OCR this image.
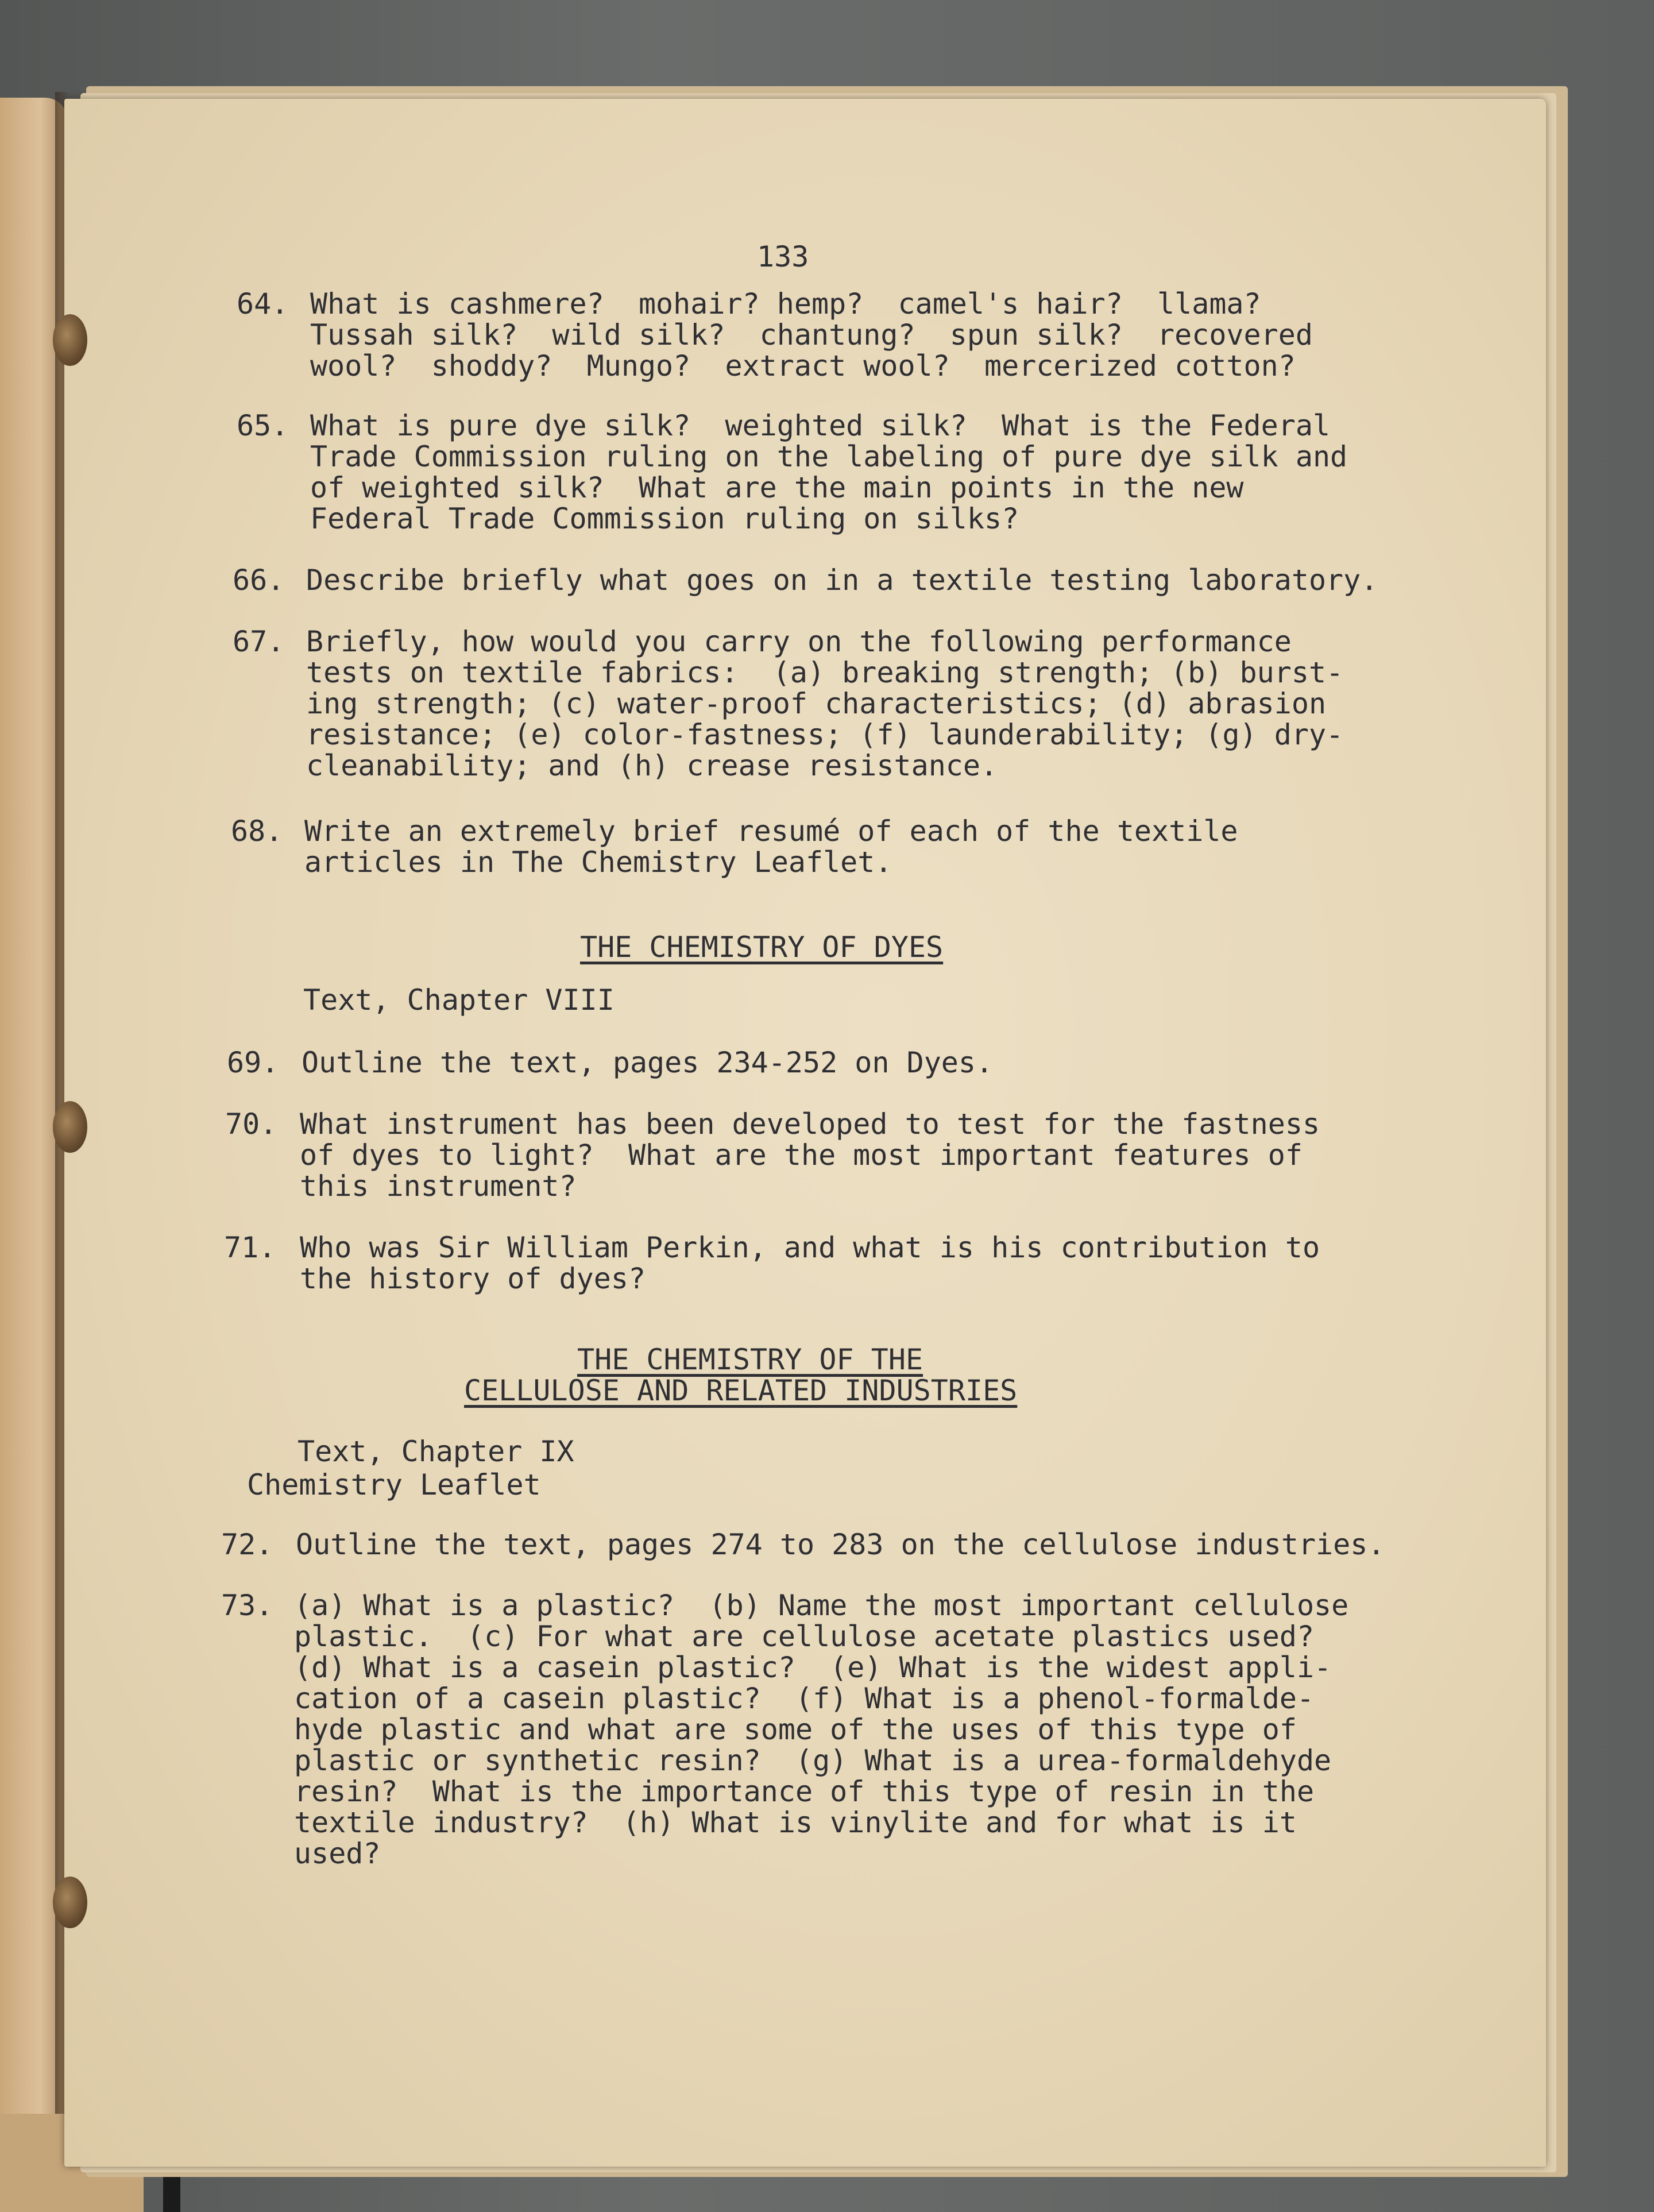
133
64. What is cashmere?  mohair? hemp?  camel's hair?  llama?
Tussah silk?  wild silk?  chantung?  spun silk?  recovered
wool?  shoddy?  Mungo?  extract wool?  mercerized cotton?
65. What is pure dye silk?  weighted silk?  What is the Federal
Trade Commission ruling on the labeling of pure dye silk and
of weighted silk?  What are the main points in the new
Federal Trade Commission ruling on silks?
66. Describe briefly what goes on in a textile testing laboratory.
67. Briefly, how would you carry on the following performance
tests on textile fabrics:  (a) breaking strength; (b) burst-
ing strength; (c) water-proof characteristics; (d) abrasion
resistance; (e) color-fastness; (f) launderability; (g) dry-
cleanability; and (h) crease resistance.
68. Write an extremely brief resumé of each of the textile
articles in The Chemistry Leaflet.
THE CHEMISTRY OF DYES
Text, Chapter VIII
69. Outline the text, pages 234-252 on Dyes.
70. What instrument has been developed to test for the fastness
of dyes to light?  What are the most important features of
this instrument?
71. Who was Sir William Perkin, and what is his contribution to
the history of dyes?
THE CHEMISTRY OF THE
CELLULOSE AND RELATED INDUSTRIES
Text, Chapter IX
Chemistry Leaflet
72. Outline the text, pages 274 to 283 on the cellulose industries.
73. (a) What is a plastic?  (b) Name the most important cellulose
plastic.  (c) For what are cellulose acetate plastics used?
(d) What is a casein plastic?  (e) What is the widest appli-
cation of a casein plastic?  (f) What is a phenol-formalde-
hyde plastic and what are some of the uses of this type of
plastic or synthetic resin?  (g) What is a urea-formaldehyde
resin?  What is the importance of this type of resin in the
textile industry?  (h) What is vinylite and for what is it
used?
